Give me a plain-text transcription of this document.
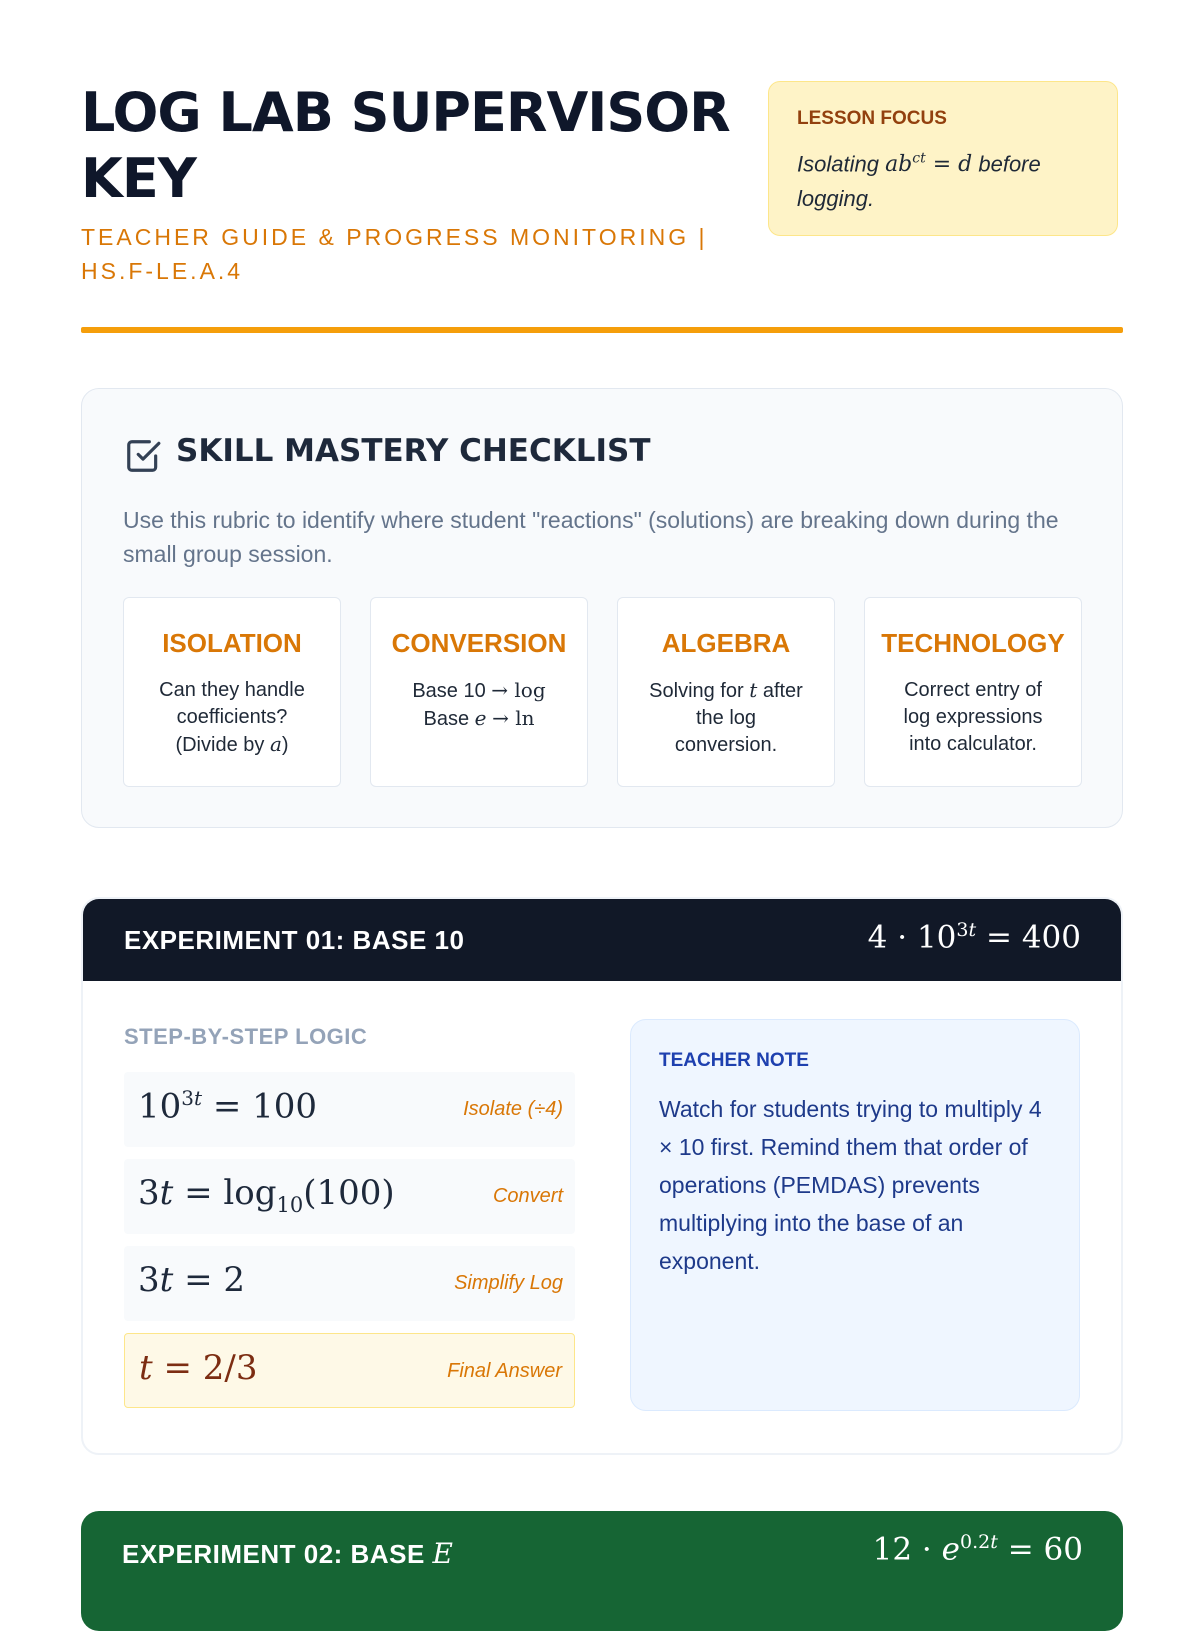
LOG LAB SUPERVISOR KEY
TEACHER GUIDE & PROGRESS MONITORING | HS.F-LE.A.4
LESSON FOCUS
Isolating $ab^{ct} = d$ before logging.
SKILL MASTERY CHECKLIST
Use this rubric to identify where student "reactions" (solutions) are breaking down during the small group session.
ISOLATION
Can they handle
coefficients?
(Divide by a)
CONVERSION
Base 10 → log
Base e → ln
ALGEBRA
Solving for t after
the log
conversion.
TECHNOLOGY
Correct entry of
log expressions
into calculator.
EXPERIMENT 01: BASE 10	$4 \cdot 10^{3t} = 400$
STEP-BY-STEP LOGIC
$10^{3t} = 100$	Isolate (÷4)
$3t = \log_{10}(100)$	Convert
3t = 2	Simplify Log
t = 2/3	Final Answer
TEACHER NOTE
Watch for students trying to multiply 4 × 10 first. Remind them that order of operations (PEMDAS) prevents multiplying into the base of an exponent.
EXPERIMENT 02: BASE E	$12 \cdot e^{0.2t} = 60$
